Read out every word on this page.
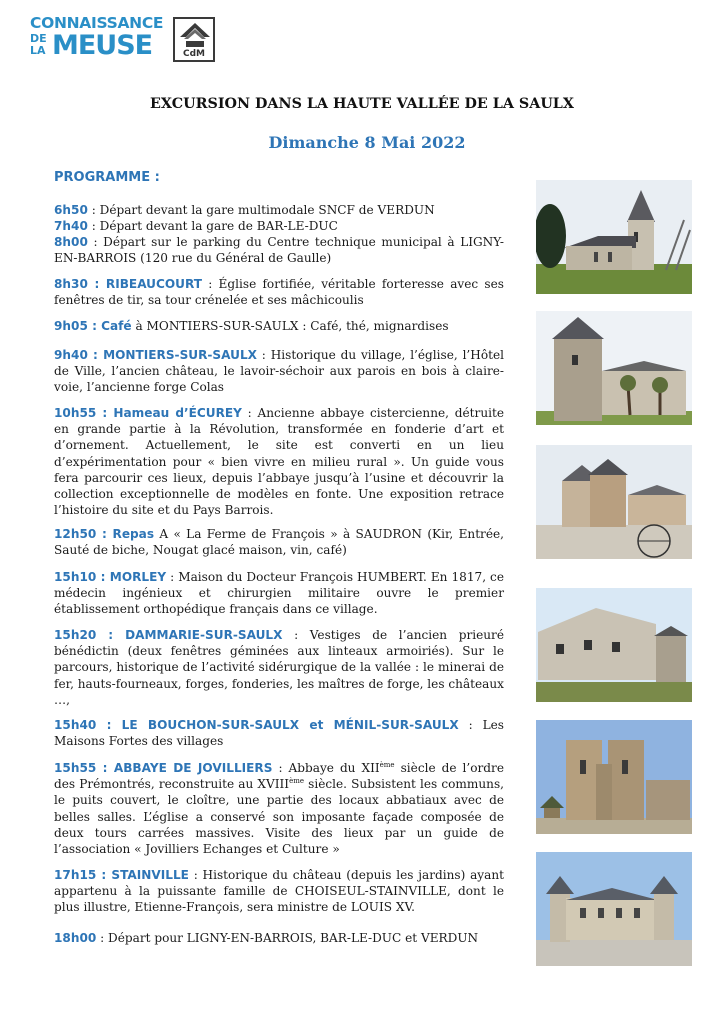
CONNAISSANCE
DE
LA MEUSE	CdM
EXCURSION DANS LA HAUTE VALLÉE DE LA SAULX
Dimanche 8 Mai 2022
PROGRAMME :

6h50 : Départ devant la gare multimodale SNCF de VERDUN

7h40 : Départ devant la gare de BAR-LE-DUC

8h00 : Départ sur le parking du Centre technique municipal à LIGNY-EN-BARROIS (120 rue du Général de Gaulle)

8h30 : RIBEAUCOURT : Église fortifiée, véritable forteresse avec ses fenêtres de tir, sa tour crénelée et ses mâchicoulis

9h05 : Café à MONTIERS-SUR-SAULX : Café, thé, mignardises

9h40 : MONTIERS-SUR-SAULX : Historique du village, l’église, l’Hôtel de Ville, l’ancien château, le lavoir-séchoir aux parois en bois à claire-voie, l’ancienne forge Colas

10h55 : Hameau d’ÉCUREY : Ancienne abbaye cistercienne, détruite en grande partie à la Révolution, transformée en fonderie d’art et d’ornement. Actuellement, le site est converti en un lieu d’expérimentation pour « bien vivre en milieu rural ». Un guide vous fera parcourir ces lieux, depuis l’abbaye jusqu’à l’usine et découvrir la collection exceptionnelle de modèles en fonte. Une exposition retrace l’histoire du site et du Pays Barrois.

12h50 : Repas A « La Ferme de François » à SAUDRON (Kir, Entrée, Sauté de biche, Nougat glacé maison, vin, café)

15h10 : MORLEY : Maison du Docteur François HUMBERT. En 1817, ce médecin ingénieux et chirurgien militaire ouvre le premier établissement orthopédique français dans ce village.

15h20 : DAMMARIE-SUR-SAULX : Vestiges de l’ancien prieuré bénédictin (deux fenêtres géminées aux linteaux armoiriés). Sur le parcours, historique de l’activité sidérurgique de la vallée : le minerai de fer, hauts-fourneaux, forges, fonderies, les maîtres de forge, les châteaux …,

15h40 : LE BOUCHON-SUR-SAULX et MÉNIL-SUR-SAULX : Les Maisons Fortes des villages

15h55 : ABBAYE DE JOVILLIERS : Abbaye du XIIème siècle de l’ordre des Prémontrés, reconstruite au XVIIIème siècle. Subsistent les communs, le puits couvert, le cloître, une partie des locaux abbatiaux avec de belles salles. L’église a conservé son imposante façade composée de deux tours carrées massives. Visite des lieux par un guide de l’association « Jovilliers Echanges et Culture »

17h15 : STAINVILLE : Historique du château (depuis les jardins) ayant appartenu à la puissante famille de CHOISEUL-STAINVILLE, dont le plus illustre, Etienne-François, sera ministre de LOUIS XV.

18h00 : Départ pour LIGNY-EN-BARROIS, BAR-LE-DUC et VERDUN
